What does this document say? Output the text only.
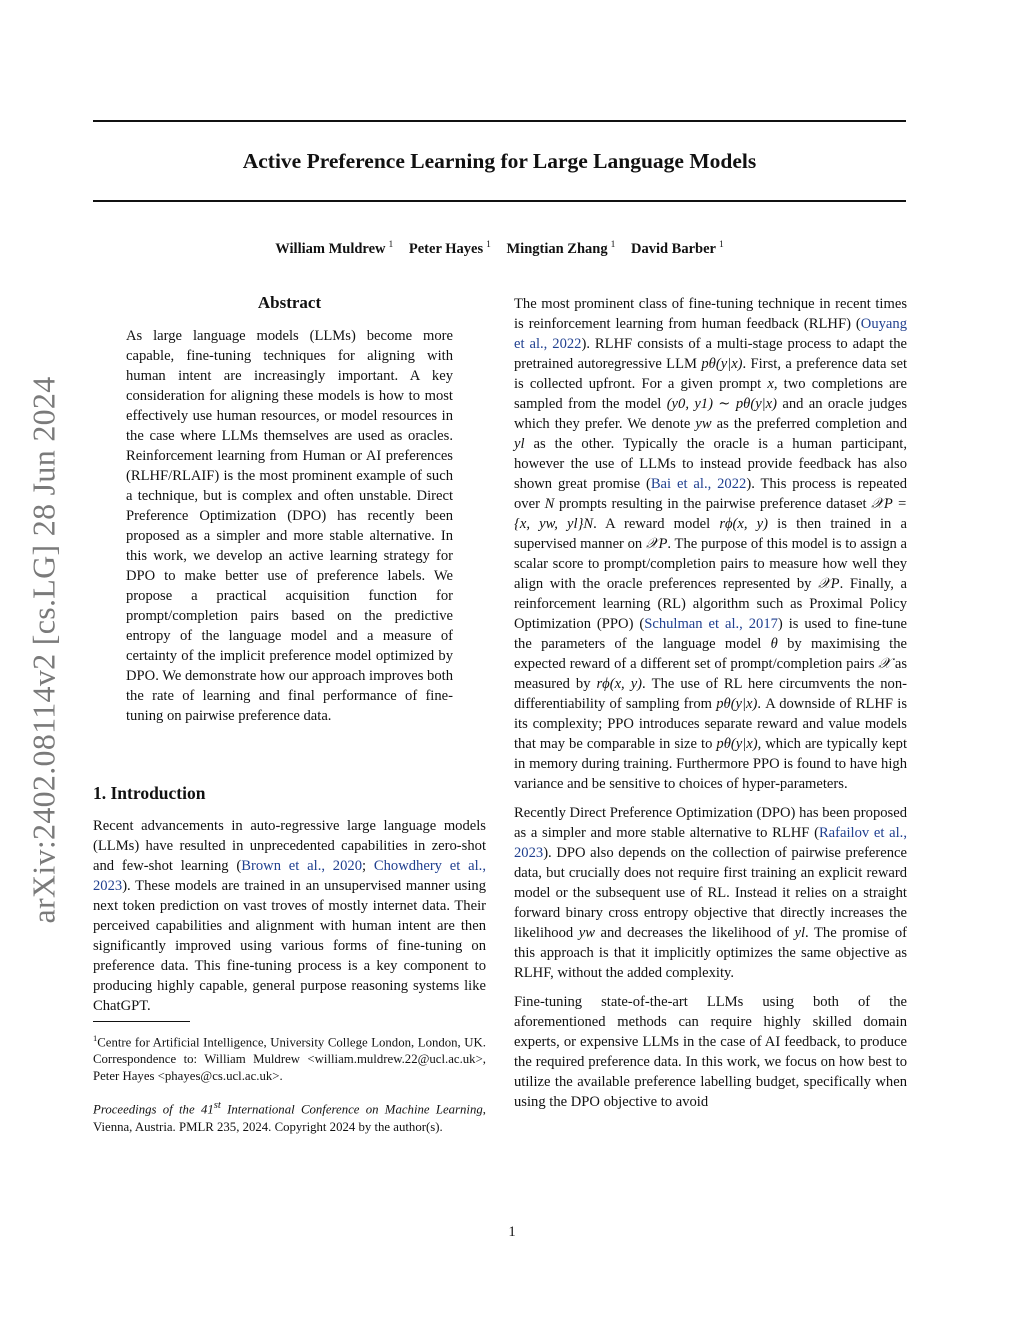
Active Preference Learning for Large Language Models
William Muldrew $^1$ Peter Hayes $^1$ Mingtian Zhang $^1$ David Barber $^1$
arXiv:2402.08114v2 [cs.LG] 28 Jun 2024
Abstract

As large language models (LLMs) become more capable, fine-tuning techniques for aligning with human intent are increasingly important. A key consideration for aligning these models is how to most effectively use human resources, or model resources in the case where LLMs themselves are used as oracles. Reinforcement learning from Human or AI preferences (RLHF/RLAIF) is the most prominent example of such a technique, but is complex and often unstable. Direct Preference Optimization (DPO) has recently been proposed as a simpler and more stable alternative. In this work, we develop an active learning strategy for DPO to make better use of preference labels. We propose a practical acquisition function for prompt/completion pairs based on the predictive entropy of the language model and a measure of certainty of the implicit preference model optimized by DPO. We demonstrate how our approach improves both the rate of learning and final performance of fine-tuning on pairwise preference data.

1. Introduction

Recent advancements in auto-regressive large language models (LLMs) have resulted in unprecedented capabilities in zero-shot and few-shot learning (Brown et al., 2020; Chowdhery et al., 2023). These models are trained in an unsupervised manner using next token prediction on vast troves of mostly internet data. Their perceived capabilities and alignment with human intent are then significantly improved using various forms of fine-tuning on preference data. This fine-tuning process is a key component to producing highly capable, general purpose reasoning systems like ChatGPT.

$^1$Centre for Artificial Intelligence, University College London, London, UK. Correspondence to: William Muldrew <william.muldrew.22@ucl.ac.uk>, Peter Hayes <phayes@cs.ucl.ac.uk>.

Proceedings of the 41st International Conference on Machine Learning, Vienna, Austria. PMLR 235, 2024. Copyright 2024 by the author(s).

The most prominent class of fine-tuning technique in recent times is reinforcement learning from human feedback (RLHF) (Ouyang et al., 2022). RLHF consists of a multi-stage process to adapt the pretrained autoregressive LLM pθ(y|x). First, a preference data set is collected upfront. For a given prompt x, two completions are sampled from the model (y0, y1) ∼ pθ(y|x) and an oracle judges which they prefer. We denote yw as the preferred completion and yl as the other. Typically the oracle is a human participant, however the use of LLMs to instead provide feedback has also shown great promise (Bai et al., 2022). This process is repeated over N prompts resulting in the pairwise preference dataset 𝒳P = {x, yw, yl}N. A reward model rϕ(x, y) is then trained in a supervised manner on 𝒳P. The purpose of this model is to assign a scalar score to prompt/completion pairs to measure how well they align with the oracle preferences represented by 𝒳P. Finally, a reinforcement learning (RL) algorithm such as Proximal Policy Optimization (PPO) (Schulman et al., 2017) is used to fine-tune the parameters of the language model θ by maximising the expected reward of a different set of prompt/completion pairs 𝒳 as measured by rϕ(x, y). The use of RL here circumvents the non-differentiability of sampling from pθ(y|x). A downside of RLHF is its complexity; PPO introduces separate reward and value models that may be comparable in size to pθ(y|x), which are typically kept in memory during training. Furthermore PPO is found to have high variance and be sensitive to choices of hyper-parameters.

Recently Direct Preference Optimization (DPO) has been proposed as a simpler and more stable alternative to RLHF (Rafailov et al., 2023). DPO also depends on the collection of pairwise preference data, but crucially does not require first training an explicit reward model or the subsequent use of RL. Instead it relies on a straight forward binary cross entropy objective that directly increases the likelihood yw and decreases the likelihood of yl. The promise of this approach is that it implicitly optimizes the same objective as RLHF, without the added complexity.

Fine-tuning state-of-the-art LLMs using both of the aforementioned methods can require highly skilled domain experts, or expensive LLMs in the case of AI feedback, to produce the required preference data. In this work, we focus on how best to utilize the available preference labelling budget, specifically when using the DPO objective to avoid

1
